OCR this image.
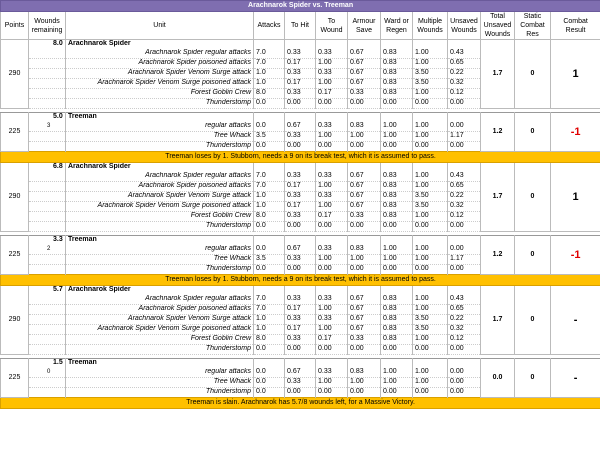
Arachnarok Spider vs. Treeman												
Points	Wounds remaining	Unit	Attacks	To Hit	To Wound	Armour Save	Ward or Regen	Multiple Wounds	Unsaved Wounds	Total Unsaved Wounds	Static Combat Res	Combat Result
290	8.0	Arachnarok Spider								1.7	0	1
		Arachnarok Spider regular attacks	7.0	0.33	0.33	0.67	0.83	1.00	0.43			
		Arachnarok Spider poisoned attacks	7.0	0.17	1.00	0.67	0.83	1.00	0.65			
		Arachnarok Spider Venom Surge attack	1.0	0.33	0.33	0.67	0.83	3.50	0.22			
		Arachnarok Spider Venom Surge poisoned attack	1.0	0.17	1.00	0.67	0.83	3.50	0.32			
		Forest Goblin Crew	8.0	0.33	0.17	0.33	0.83	1.00	0.12			
		Thunderstomp	0.0	0.00	0.00	0.00	0.00	0.00	0.00			

225	5.0	Treeman								1.2	0	-1
	3	regular attacks	0.0	0.67	0.33	0.83	1.00	1.00	0.00			
		Tree Whack	3.5	0.33	1.00	1.00	1.00	1.00	1.17			
		Thunderstomp	0.0	0.00	0.00	0.00	0.00	0.00	0.00			
Treeman loses by 1. Stubborn, needs a 9 on its break test, which it is assumed to pass.												
290	6.8	Arachnarok Spider								1.7	0	1
		Arachnarok Spider regular attacks	7.0	0.33	0.33	0.67	0.83	1.00	0.43			
		Arachnarok Spider poisoned attacks	7.0	0.17	1.00	0.67	0.83	1.00	0.65			
		Arachnarok Spider Venom Surge attack	1.0	0.33	0.33	0.67	0.83	3.50	0.22			
		Arachnarok Spider Venom Surge poisoned attack	1.0	0.17	1.00	0.67	0.83	3.50	0.32			
		Forest Goblin Crew	8.0	0.33	0.17	0.33	0.83	1.00	0.12			
		Thunderstomp	0.0	0.00	0.00	0.00	0.00	0.00	0.00			

225	3.3	Treeman								1.2	0	-1
	2	regular attacks	0.0	0.67	0.33	0.83	1.00	1.00	0.00			
		Tree Whack	3.5	0.33	1.00	1.00	1.00	1.00	1.17			
		Thunderstomp	0.0	0.00	0.00	0.00	0.00	0.00	0.00			
Treeman loses by 1. Stubborn, needs a 9 on its break test, which it is assumed to pass.												
290	5.7	Arachnarok Spider								1.7	0	-
		Arachnarok Spider regular attacks	7.0	0.33	0.33	0.67	0.83	1.00	0.43			
		Arachnarok Spider poisoned attacks	7.0	0.17	1.00	0.67	0.83	1.00	0.65			
		Arachnarok Spider Venom Surge attack	1.0	0.33	0.33	0.67	0.83	3.50	0.22			
		Arachnarok Spider Venom Surge poisoned attack	1.0	0.17	1.00	0.67	0.83	3.50	0.32			
		Forest Goblin Crew	8.0	0.33	0.17	0.33	0.83	1.00	0.12			
		Thunderstomp	0.0	0.00	0.00	0.00	0.00	0.00	0.00			

225	1.5	Treeman								0.0	0	-
	0	regular attacks	0.0	0.67	0.33	0.83	1.00	1.00	0.00			
		Tree Whack	0.0	0.33	1.00	1.00	1.00	1.00	0.00			
		Thunderstomp	0.0	0.00	0.00	0.00	0.00	0.00	0.00			
Treeman is slain. Arachnarok has 5.7/8 wounds left, for a Massive Victory.												
